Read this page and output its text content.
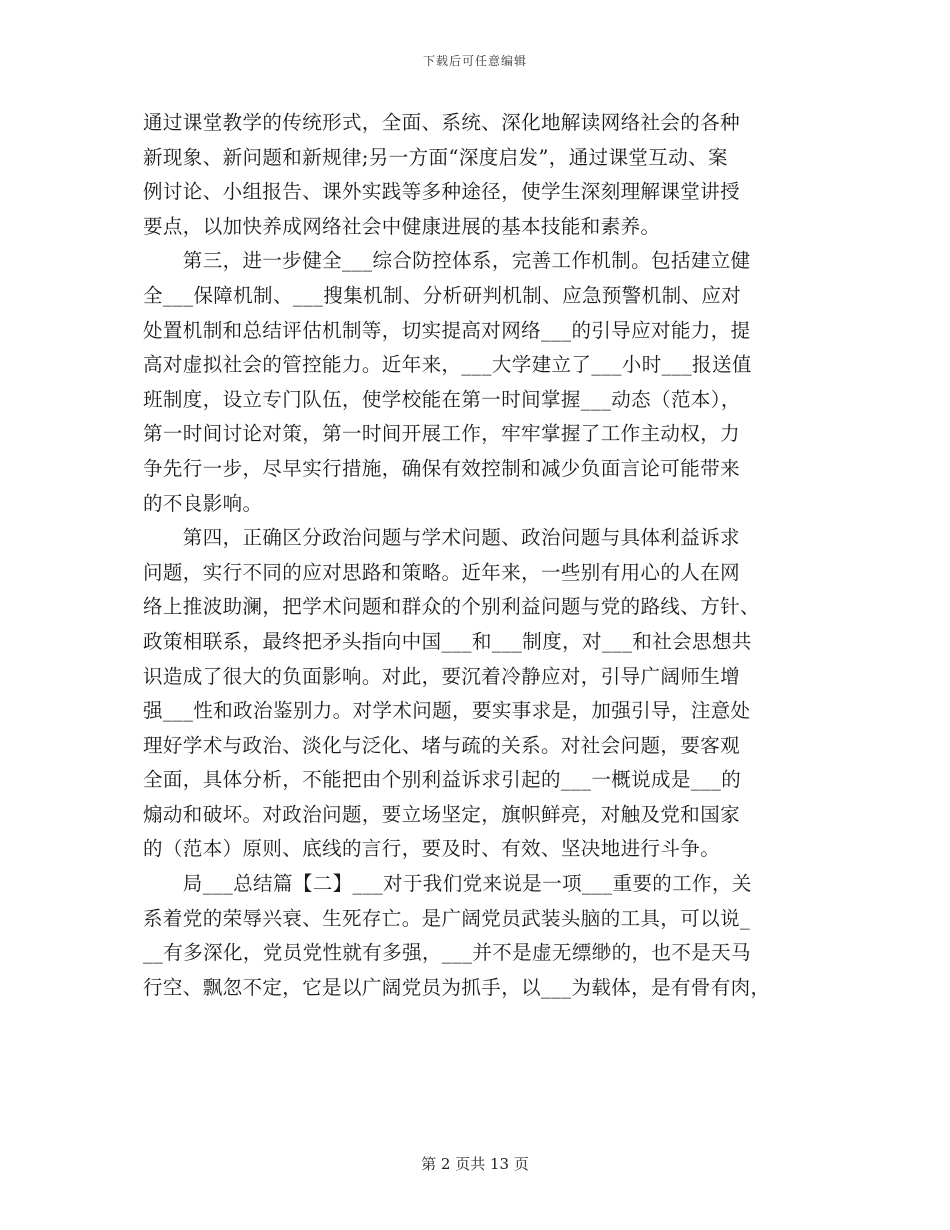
下载后可任意编辑
通过课堂教学的传统形式，全面、系统、深化地解读网络社会的各种
新现象、新问题和新规律;另一方面“深度启发”，通过课堂互动、案
例讨论、小组报告、课外实践等多种途径，使学生深刻理解课堂讲授
要点，以加快养成网络社会中健康进展的基本技能和素养。
　　第三，进一步健全___综合防控体系，完善工作机制。包括建立健
全___保障机制、___搜集机制、分析研判机制、应急预警机制、应对
处置机制和总结评估机制等，切实提高对网络___的引导应对能力，提
高对虚拟社会的管控能力。近年来，___大学建立了___小时___报送值
班制度，设立专门队伍，使学校能在第一时间掌握___动态（范本），
第一时间讨论对策，第一时间开展工作，牢牢掌握了工作主动权，力
争先行一步，尽早实行措施，确保有效控制和减少负面言论可能带来
的不良影响。
　　第四，正确区分政治问题与学术问题、政治问题与具体利益诉求
问题，实行不同的应对思路和策略。近年来，一些别有用心的人在网
络上推波助澜，把学术问题和群众的个别利益问题与党的路线、方针、
政策相联系，最终把矛头指向中国___和___制度，对___和社会思想共
识造成了很大的负面影响。对此，要沉着冷静应对，引导广阔师生增
强___性和政治鉴别力。对学术问题，要实事求是，加强引导，注意处
理好学术与政治、淡化与泛化、堵与疏的关系。对社会问题，要客观
全面，具体分析，不能把由个别利益诉求引起的___一概说成是___的
煽动和破坏。对政治问题，要立场坚定，旗帜鲜亮，对触及党和国家
的（范本）原则、底线的言行，要及时、有效、坚决地进行斗争。
　　局___总结篇【二】___对于我们党来说是一项___重要的工作，关
系着党的荣辱兴衰、生死存亡。是广阔党员武装头脑的工具，可以说_
__有多深化，党员党性就有多强，___并不是虚无缥缈的，也不是天马
行空、飘忽不定，它是以广阔党员为抓手，以___为载体，是有骨有肉，
第 2 页共 13 页
